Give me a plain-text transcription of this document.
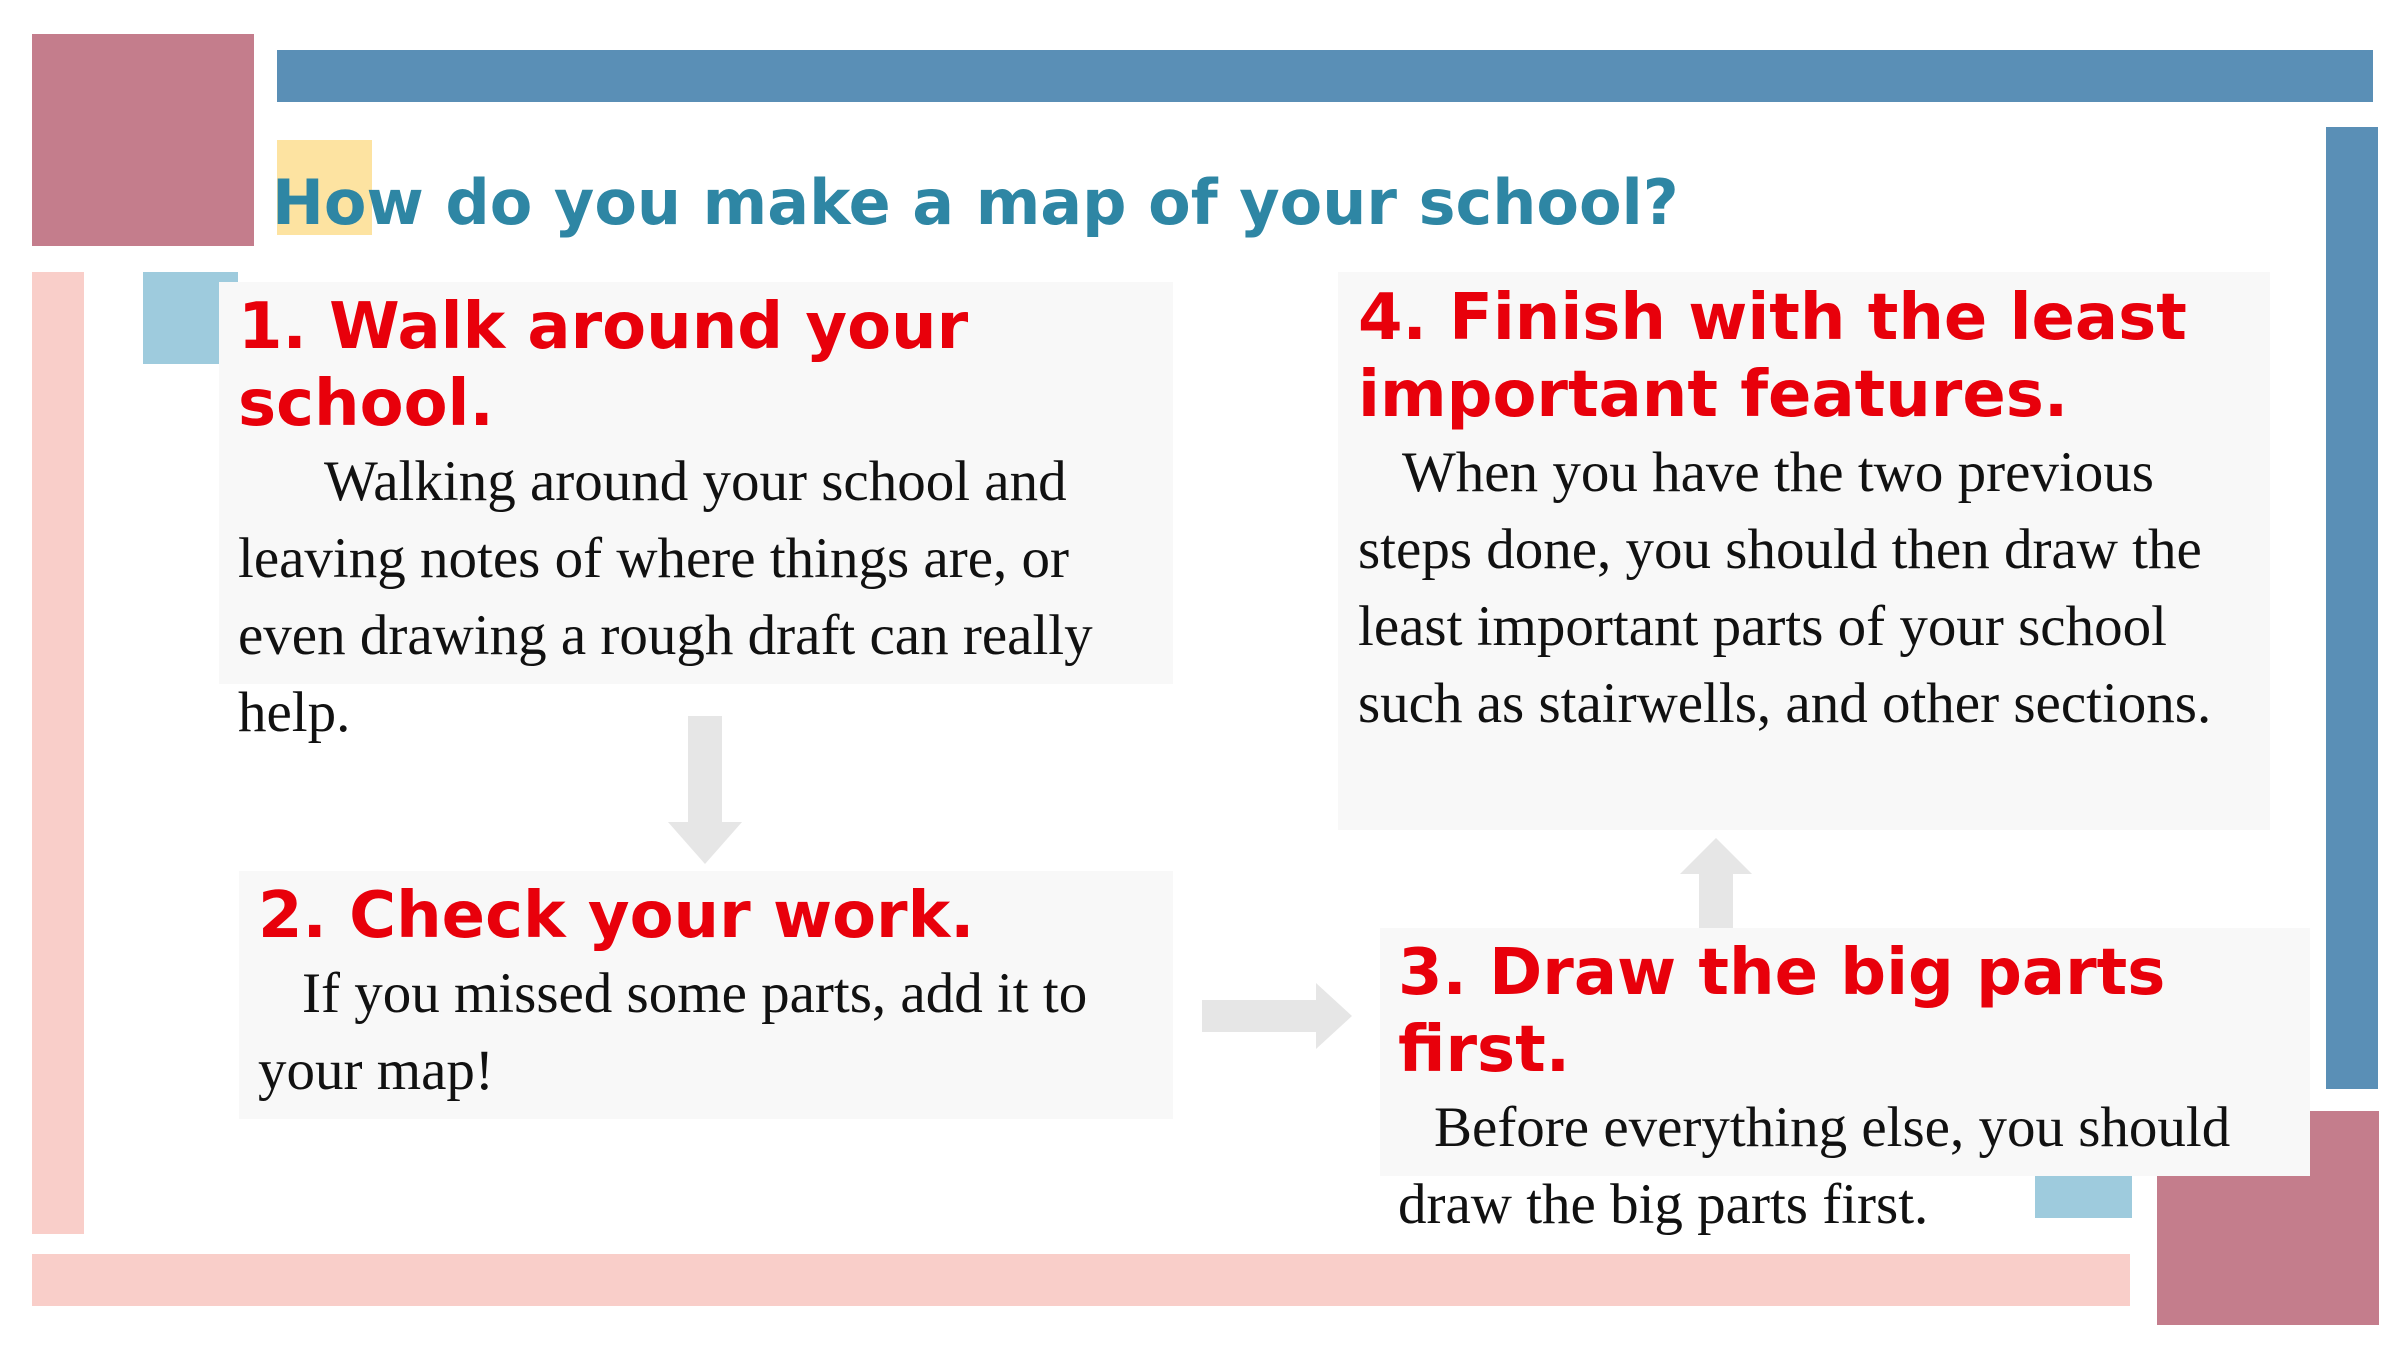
How do you make a map of your school?

1. Walk around your school.

Walking around your school and leaving notes of where things are, or even drawing a rough draft can really help.

2. Check your work.

If you missed some parts, add it to your map!

3. Draw the big parts first.

Before everything else, you should draw the big parts first.

4. Finish with the least important features.

When you have the two previous steps done, you should then draw the least important parts of your school such as stairwells, and other sections.
